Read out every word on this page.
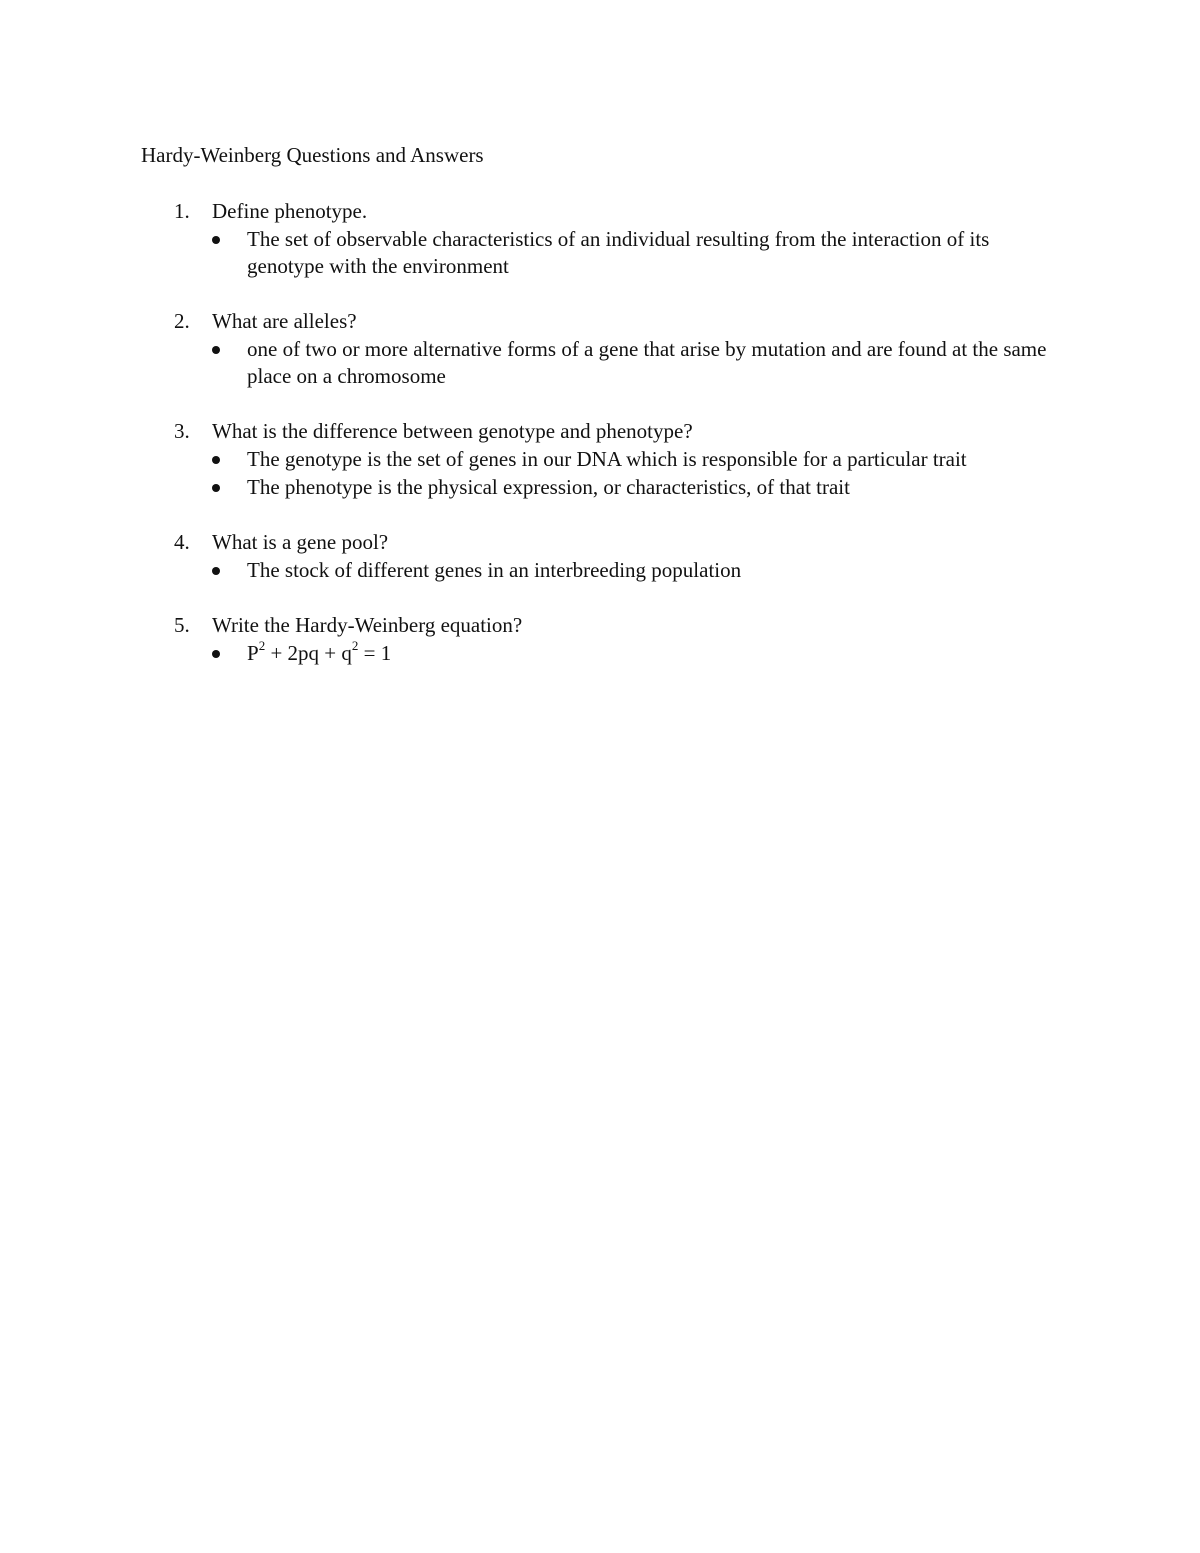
Hardy-Weinberg Questions and Answers
1. Define phenotype.
The set of observable characteristics of an individual resulting from the interaction of its genotype with the environment
2. What are alleles?
one of two or more alternative forms of a gene that arise by mutation and are found at the same place on a chromosome
3. What is the difference between genotype and phenotype?
The genotype is the set of genes in our DNA which is responsible for a particular trait
The phenotype is the physical expression, or characteristics, of that trait
4. What is a gene pool?
The stock of different genes in an interbreeding population
5. Write the Hardy-Weinberg equation?
$P^2 + 2pq + q^2 = 1$
